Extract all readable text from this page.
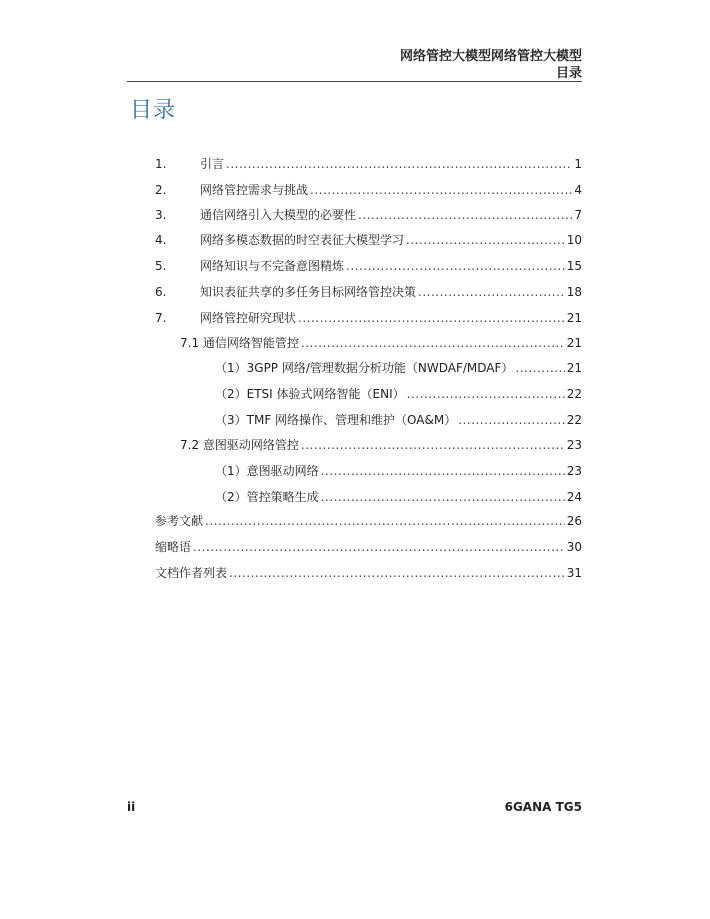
网络管控大模型网络管控大模型
目录
目录
1.	引言 .....	1
2.	网络管控需求与挑战 .....	4
3.	通信网络引入大模型的必要性 .....	7
4.	网络多模态数据的时空表征大模型学习 .....	10
5.	网络知识与不完备意图精炼 .....	15
6.	知识表征共享的多任务目标网络管控决策 .....	18
7.	网络管控研究现状 .....	21
7.1 通信网络智能管控 .....	21
（1）3GPP 网络/管理数据分析功能（NWDAF/MDAF） .....	21
（2）ETSI 体验式网络智能（ENI） .....	22
（3）TMF 网络操作、管理和维护（OA&M） .....	22
7.2 意图驱动网络管控 .....	23
（1）意图驱动网络 .....	23
（2）管控策略生成 .....	24
参考文献 .....	26
缩略语 .....	30
文档作者列表 .....	31
ii	6GANA TG5
